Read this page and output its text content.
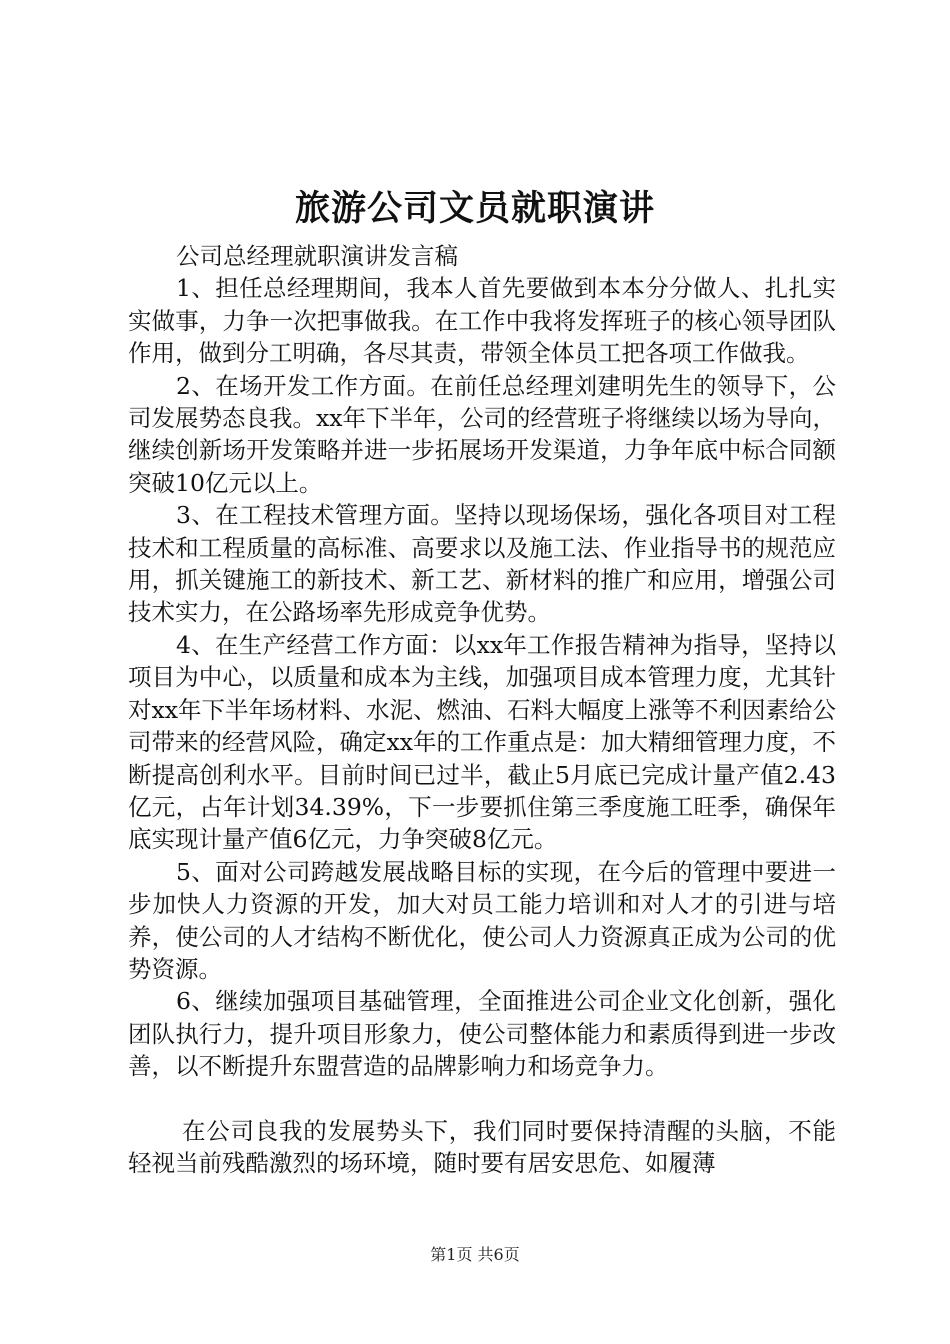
旅游公司文员就职演讲

公司总经理就职演讲发言稿

1、担任总经理期间，我本人首先要做到本本分分做人、扎扎实实做事，力争一次把事做我。在工作中我将发挥班子的核心领导团队作用，做到分工明确，各尽其责，带领全体员工把各项工作做我。

2、在场开发工作方面。在前任总经理刘建明先生的领导下，公司发展势态良我。xx年下半年，公司的经营班子将继续以场为导向，继续创新场开发策略并进一步拓展场开发渠道，力争年底中标合同额突破10亿元以上。

3、在工程技术管理方面。坚持以现场保场，强化各项目对工程技术和工程质量的高标准、高要求以及施工法、作业指导书的规范应用，抓关键施工的新技术、新工艺、新材料的推广和应用，增强公司技术实力，在公路场率先形成竞争优势。

4、在生产经营工作方面：以xx年工作报告精神为指导，坚持以项目为中心，以质量和成本为主线，加强项目成本管理力度，尤其针对xx年下半年场材料、水泥、燃油、石料大幅度上涨等不利因素给公司带来的经营风险，确定xx年的工作重点是：加大精细管理力度，不断提高创利水平。目前时间已过半，截止5月底已完成计量产值2.43亿元，占年计划34.39%，下一步要抓住第三季度施工旺季，确保年底实现计量产值6亿元，力争突破8亿元。

5、面对公司跨越发展战略目标的实现，在今后的管理中要进一步加快人力资源的开发，加大对员工能力培训和对人才的引进与培养，使公司的人才结构不断优化，使公司人力资源真正成为公司的优势资源。

6、继续加强项目基础管理，全面推进公司企业文化创新，强化团队执行力，提升项目形象力，使公司整体能力和素质得到进一步改善，以不断提升东盟营造的品牌影响力和场竞争力。

在公司良我的发展势头下，我们同时要保持清醒的头脑，不能轻视当前残酷激烈的场环境，随时要有居安思危、如履薄

第1页 共6页
